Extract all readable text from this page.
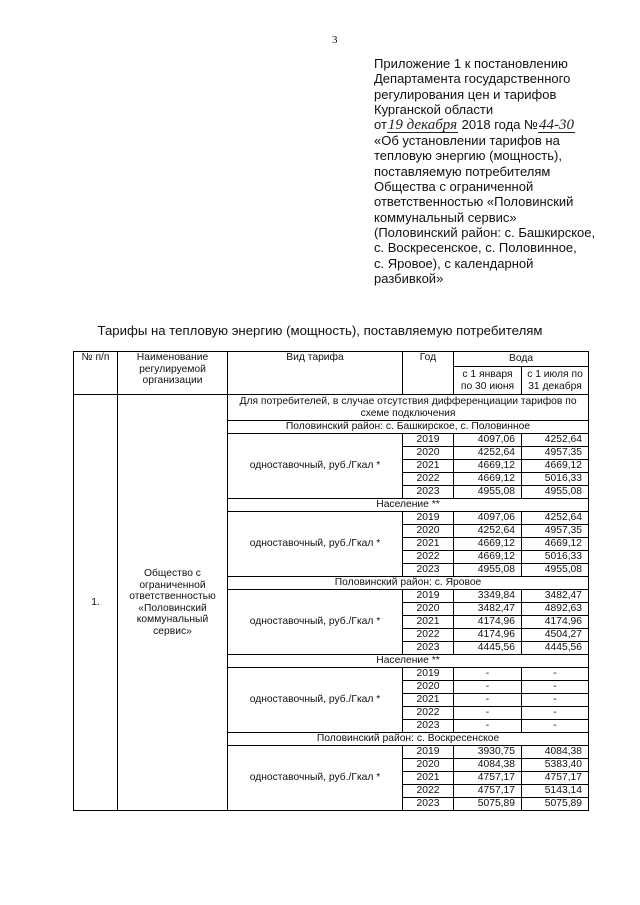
3
Приложение 1 к постановлению
Департамента государственного
регулирования цен и тарифов
Курганской области
от19 декабря 2018 года №44-30
«Об установлении тарифов на
тепловую энергию (мощность),
поставляемую потребителям
Общества с ограниченной
ответственностью «Половинский
коммунальный сервис»
(Половинский район: с. Башкирское,
с. Воскресенское, с. Половинное,
с. Яровое), с календарной
разбивкой»
Тарифы на тепловую энергию (мощность), поставляемую потребителям
№ п/п	Наименование регулируемой организации	Вид тарифа	Год	Вода	
				с 1 января по 30 июня	с 1 июля по 31 декабря

1.	Общество с ограниченной ответственностью «Половинский коммунальный сервис»	Для потребителей, в случае отсутствия дифференциации тарифов по схеме подключения			
		Половинский район: с. Башкирское, с. Половинное			
		одноставочный, руб./Гкал *	2019	4097,06	4252,64
			2020	4252,64	4957,35
			2021	4669,12	4669,12
			2022	4669,12	5016,33
			2023	4955,08	4955,08
		Население **			
		одноставочный, руб./Гкал *	2019	4097,06	4252,64
			2020	4252,64	4957,35
			2021	4669,12	4669,12
			2022	4669,12	5016,33
			2023	4955,08	4955,08
		Половинский район: с. Яровое			
		одноставочный, руб./Гкал *	2019	3349,84	3482,47
			2020	3482,47	4892,63
			2021	4174,96	4174,96
			2022	4174,96	4504,27
			2023	4445,56	4445,56
		Население **			
		одноставочный, руб./Гкал *	2019	-	-
			2020	-	-
			2021	-	-
			2022	-	-
			2023	-	-
		Половинский район: с. Воскресенское			
		одноставочный, руб./Гкал *	2019	3930,75	4084,38
			2020	4084,38	5383,40
			2021	4757,17	4757,17
			2022	4757,17	5143,14
			2023	5075,89	5075,89
